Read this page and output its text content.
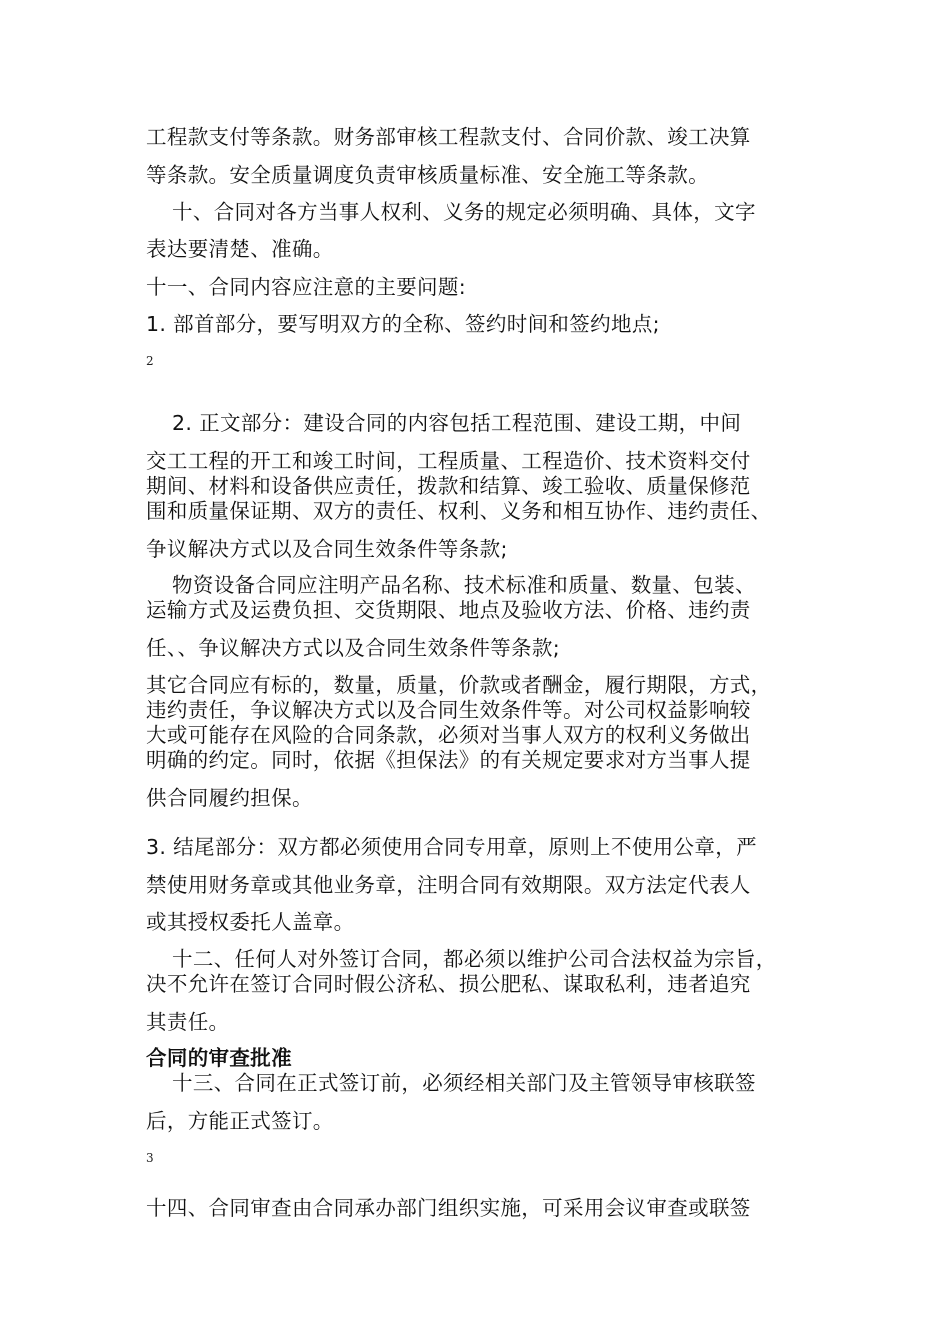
工程款支付等条款。财务部审核工程款支付、合同价款、竣工决算
等条款。安全质量调度负责审核质量标准、安全施工等条款。
十、合同对各方当事人权利、义务的规定必须明确、具体，文字
表达要清楚、准确。
十一、合同内容应注意的主要问题:
1. 部首部分，要写明双方的全称、签约时间和签约地点;
2
2. 正文部分：建设合同的内容包括工程范围、建设工期，中间
交工工程的开工和竣工时间，工程质量、工程造价、技术资料交付
期间、材料和设备供应责任，拨款和结算、竣工验收、质量保修范
围和质量保证期、双方的责任、权利、义务和相互协作、违约责任、
争议解决方式以及合同生效条件等条款;
物资设备合同应注明产品名称、技术标准和质量、数量、包装、
运输方式及运费负担、交货期限、地点及验收方法、价格、违约责
任、、争议解决方式以及合同生效条件等条款;
其它合同应有标的，数量，质量，价款或者酬金，履行期限，方式，
违约责任，争议解决方式以及合同生效条件等。对公司权益影响较
大或可能存在风险的合同条款，必须对当事人双方的权利义务做出
明确的约定。同时，依据《担保法》的有关规定要求对方当事人提
供合同履约担保。
3. 结尾部分：双方都必须使用合同专用章，原则上不使用公章，严
禁使用财务章或其他业务章，注明合同有效期限。双方法定代表人
或其授权委托人盖章。
十二、任何人对外签订合同，都必须以维护公司合法权益为宗旨，
决不允许在签订合同时假公济私、损公肥私、谋取私利，违者追究
其责任。
合同的审查批准
十三、合同在正式签订前，必须经相关部门及主管领导审核联签
后，方能正式签订。
3
十四、合同审查由合同承办部门组织实施，可采用会议审查或联签
